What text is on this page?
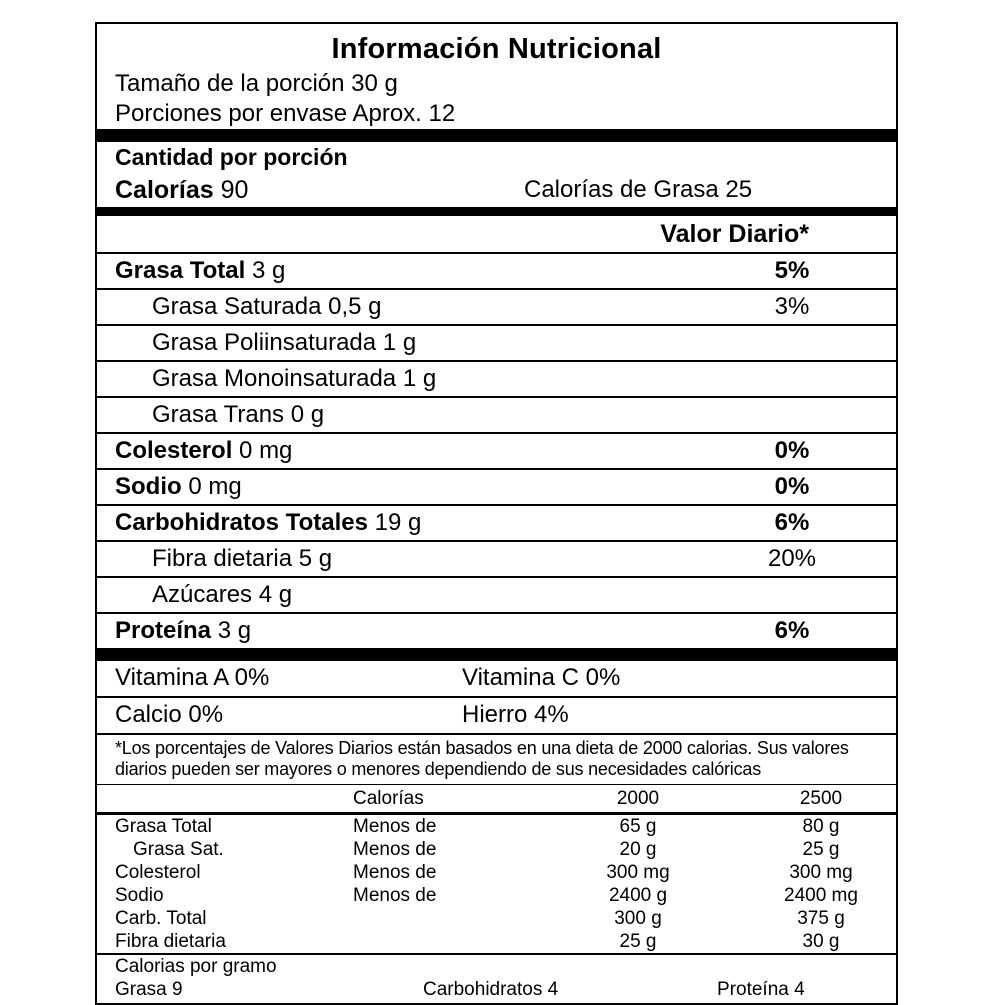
Información Nutricional
Tamaño de la porción 30 g
Porciones por envase Aprox. 12
Cantidad por porción
Calorías 90	Calorías de Grasa 25
Valor Diario*
Grasa Total 3 g	5%
Grasa Saturada 0,5 g	3%
Grasa Poliinsaturada 1 g
Grasa Monoinsaturada 1 g
Grasa Trans 0 g
Colesterol 0 mg	0%
Sodio 0 mg	0%
Carbohidratos Totales 19 g	6%
Fibra dietaria 5 g	20%
Azúcares 4 g
Proteína 3 g	6%
Vitamina A 0%	Vitamina C 0%
Calcio 0%	Hierro 4%
*Los porcentajes de Valores Diarios están basados en una dieta de 2000 calorias. Sus valores diarios pueden ser mayores o menores dependiendo de sus necesidades calóricas
	Calorías	2000	2500
Grasa Total	Menos de	65 g	80 g
Grasa Sat.	Menos de	20 g	25 g
Colesterol	Menos de	300 mg	300 mg
Sodio	Menos de	2400 g	2400 mg
Carb. Total		300 g	375 g
Fibra dietaria		25 g	30 g
Calorias por gramo
Grasa 9	Carbohidratos 4	Proteína 4
